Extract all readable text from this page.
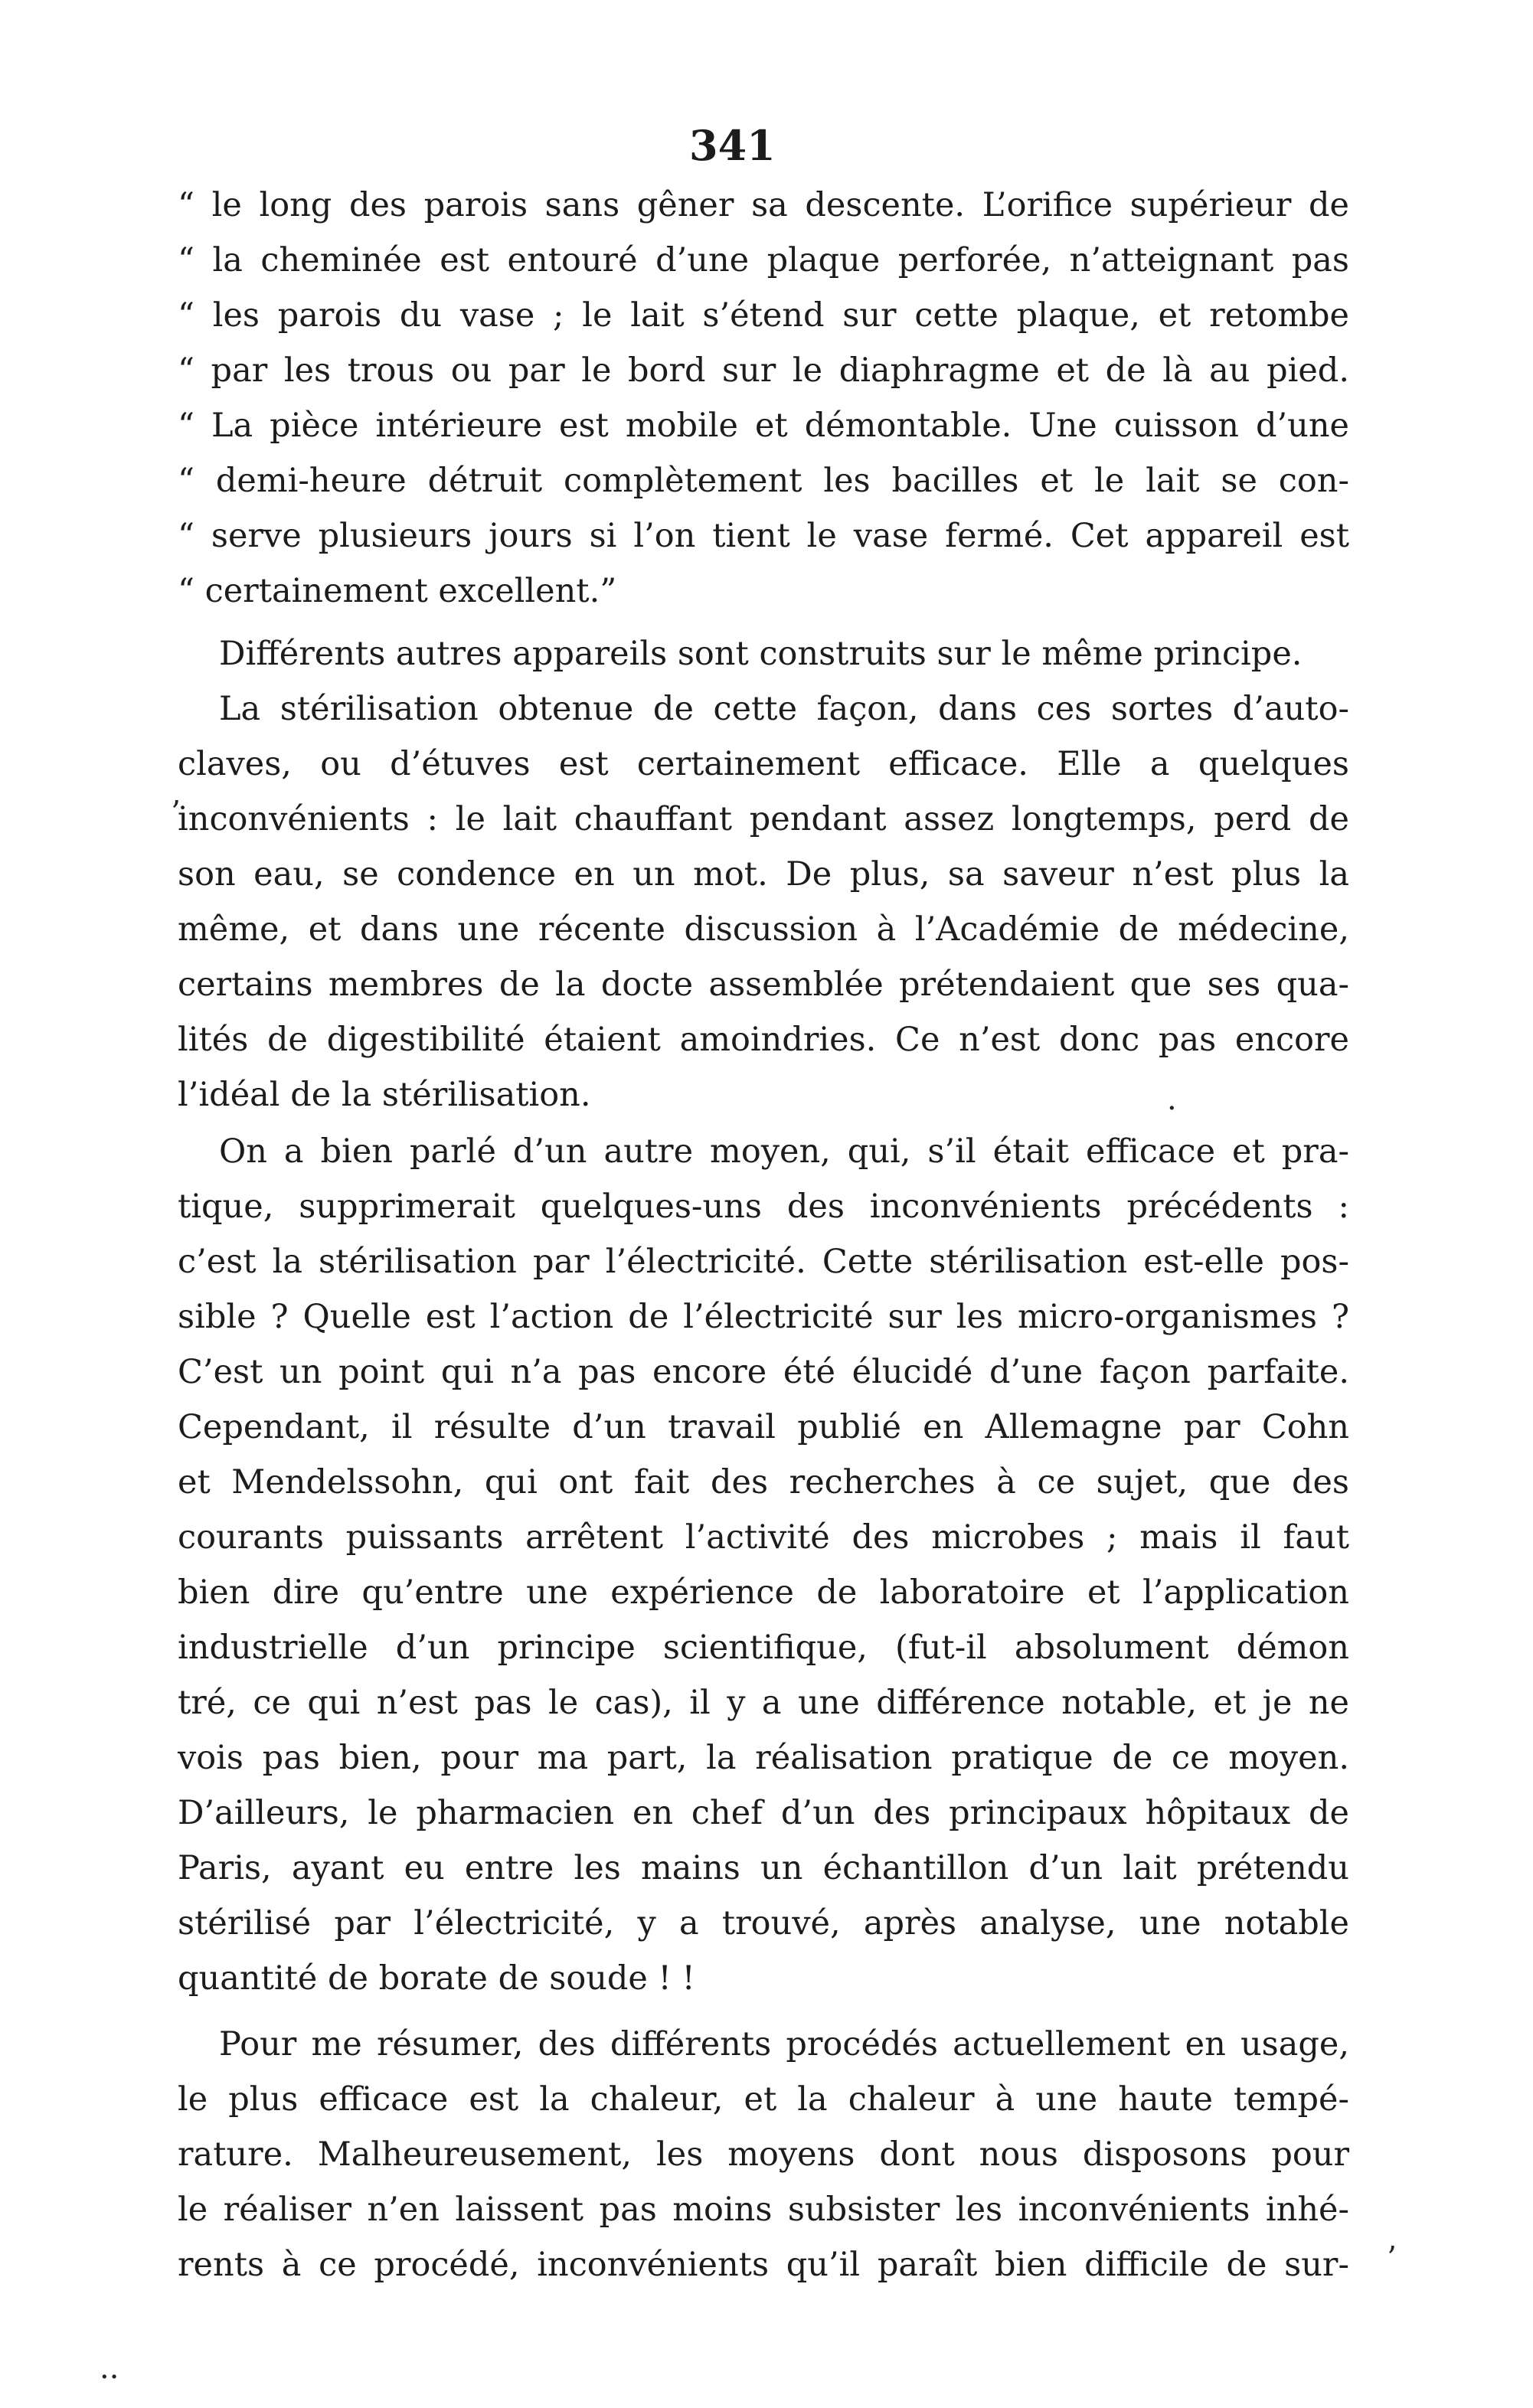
341
“ le long des parois sans gêner sa descente. L’orifice supérieur de
“ la cheminée est entouré d’une plaque perforée, n’atteignant pas
“ les parois du vase ; le lait s’étend sur cette plaque, et retombe
“ par les trous ou par le bord sur le diaphragme et de là au pied.
“ La pièce intérieure est mobile et démontable. Une cuisson d’une
“ demi-heure détruit complètement les bacilles et le lait se con-
“ serve plusieurs jours si l’on tient le vase fermé. Cet appareil est
“ certainement excellent.”
Différents autres appareils sont construits sur le même principe.
La stérilisation obtenue de cette façon, dans ces sortes d’auto-
claves, ou d’étuves est certainement efficace. Elle a quelques
inconvénients : le lait chauffant pendant assez longtemps, perd de
son eau, se condence en un mot. De plus, sa saveur n’est plus la
même, et dans une récente discussion à l’Académie de médecine,
certains membres de la docte assemblée prétendaient que ses qua-
lités de digestibilité étaient amoindries. Ce n’est donc pas encore
l’idéal de la stérilisation.
On a bien parlé d’un autre moyen, qui, s’il était efficace et pra-
tique, supprimerait quelques-uns des inconvénients précédents :
c’est la stérilisation par l’électricité. Cette stérilisation est-elle pos-
sible ? Quelle est l’action de l’électricité sur les micro-organismes ?
C’est un point qui n’a pas encore été élucidé d’une façon parfaite.
Cependant, il résulte d’un travail publié en Allemagne par Cohn
et Mendelssohn, qui ont fait des recherches à ce sujet, que des
courants puissants arrêtent l’activité des microbes ; mais il faut
bien dire qu’entre une expérience de laboratoire et l’application
industrielle d’un principe scientifique, (fut-il absolument démon
tré, ce qui n’est pas le cas), il y a une différence notable, et je ne
vois pas bien, pour ma part, la réalisation pratique de ce moyen.
D’ailleurs, le pharmacien en chef d’un des principaux hôpitaux de
Paris, ayant eu entre les mains un échantillon d’un lait prétendu
stérilisé par l’électricité, y a trouvé, après analyse, une notable
quantité de borate de soude ! !
Pour me résumer, des différents procédés actuellement en usage,
le plus efficace est la chaleur, et la chaleur à une haute tempé-
rature. Malheureusement, les moyens dont nous disposons pour
le réaliser n’en laissent pas moins subsister les inconvénients inhé-
rents à ce procédé, inconvénients qu’il paraît bien difficile de sur-
ʼ
ʼ
·
··
